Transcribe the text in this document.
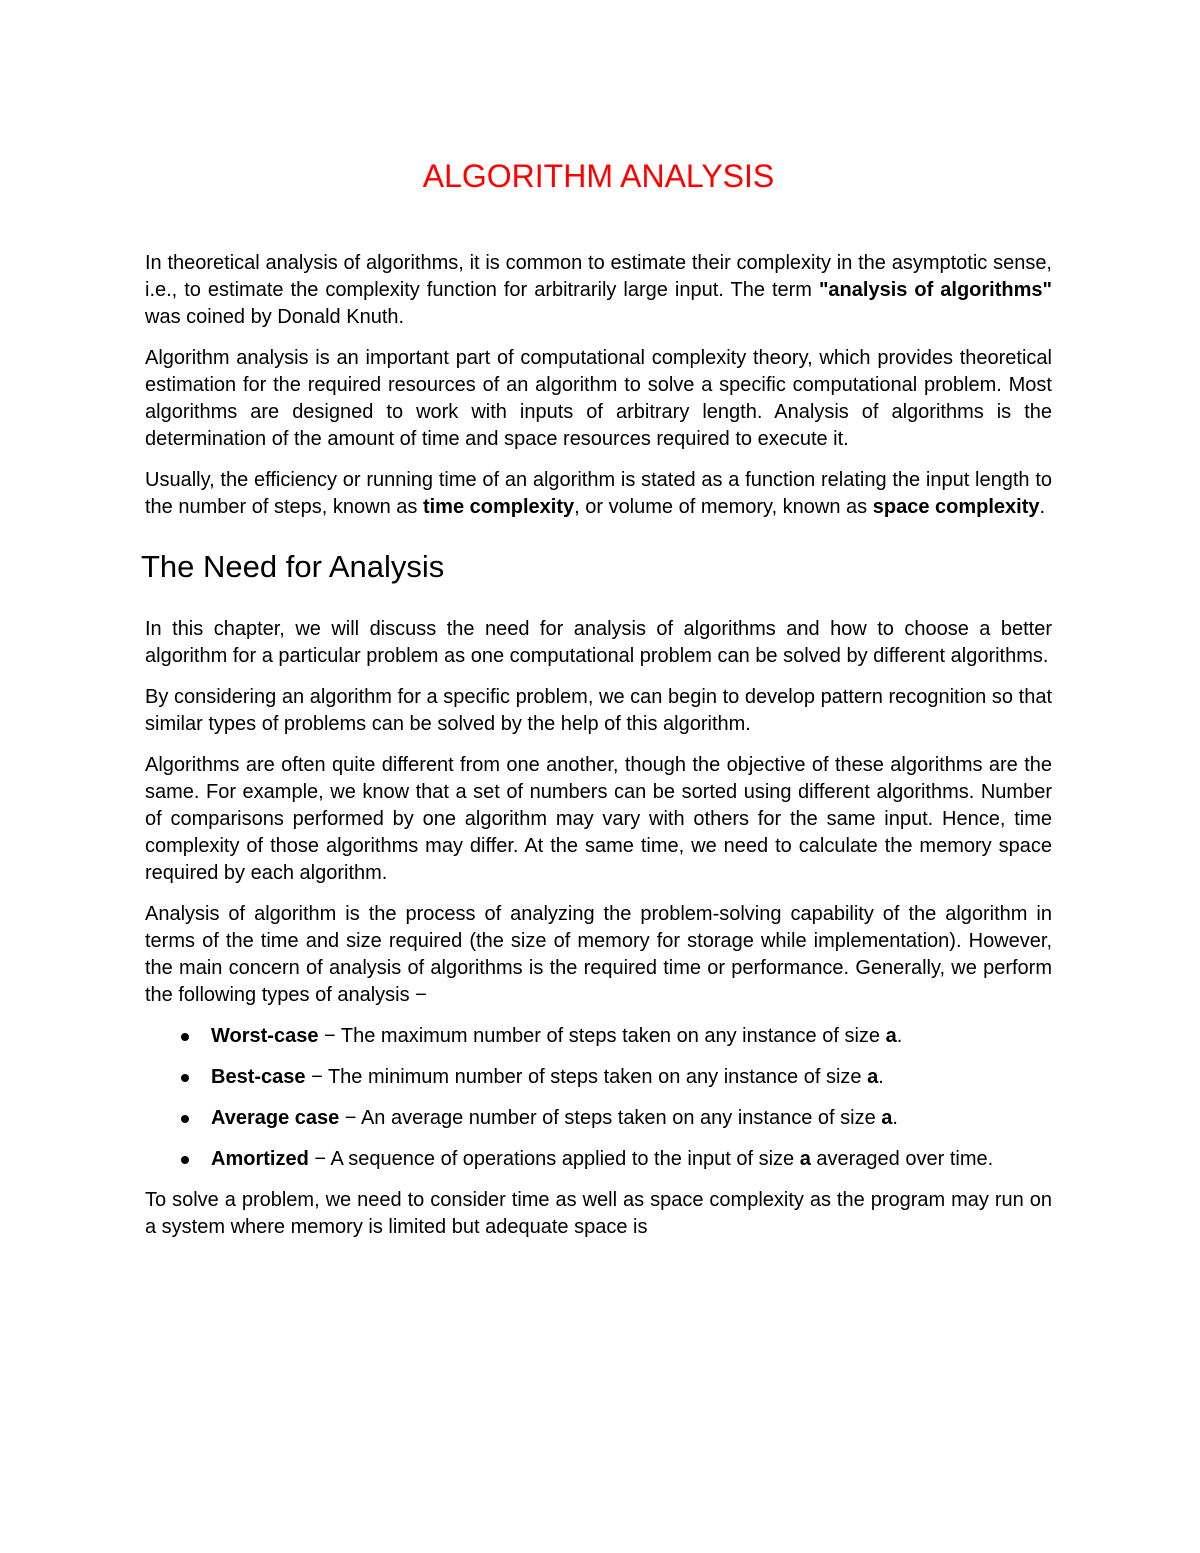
ALGORITHM ANALYSIS

In theoretical analysis of algorithms, it is common to estimate their complexity in the asymptotic sense, i.e., to estimate the complexity function for arbitrarily large input. The term "analysis of algorithms" was coined by Donald Knuth.

Algorithm analysis is an important part of computational complexity theory, which provides theoretical estimation for the required resources of an algorithm to solve a specific computational problem. Most algorithms are designed to work with inputs of arbitrary length. Analysis of algorithms is the determination of the amount of time and space resources required to execute it.

Usually, the efficiency or running time of an algorithm is stated as a function relating the input length to the number of steps, known as time complexity, or volume of memory, known as space complexity.

The Need for Analysis

In this chapter, we will discuss the need for analysis of algorithms and how to choose a better algorithm for a particular problem as one computational problem can be solved by different algorithms.

By considering an algorithm for a specific problem, we can begin to develop pattern recognition so that similar types of problems can be solved by the help of this algorithm.

Algorithms are often quite different from one another, though the objective of these algorithms are the same. For example, we know that a set of numbers can be sorted using different algorithms. Number of comparisons performed by one algorithm may vary with others for the same input. Hence, time complexity of those algorithms may differ. At the same time, we need to calculate the memory space required by each algorithm.

Analysis of algorithm is the process of analyzing the problem-solving capability of the algorithm in terms of the time and size required (the size of memory for storage while implementation). However, the main concern of analysis of algorithms is the required time or performance. Generally, we perform the following types of analysis −

Worst-case − The maximum number of steps taken on any instance of size a.
Best-case − The minimum number of steps taken on any instance of size a.
Average case − An average number of steps taken on any instance of size a.
Amortized − A sequence of operations applied to the input of size a averaged over time.

To solve a problem, we need to consider time as well as space complexity as the program may run on a system where memory is limited but adequate space is
